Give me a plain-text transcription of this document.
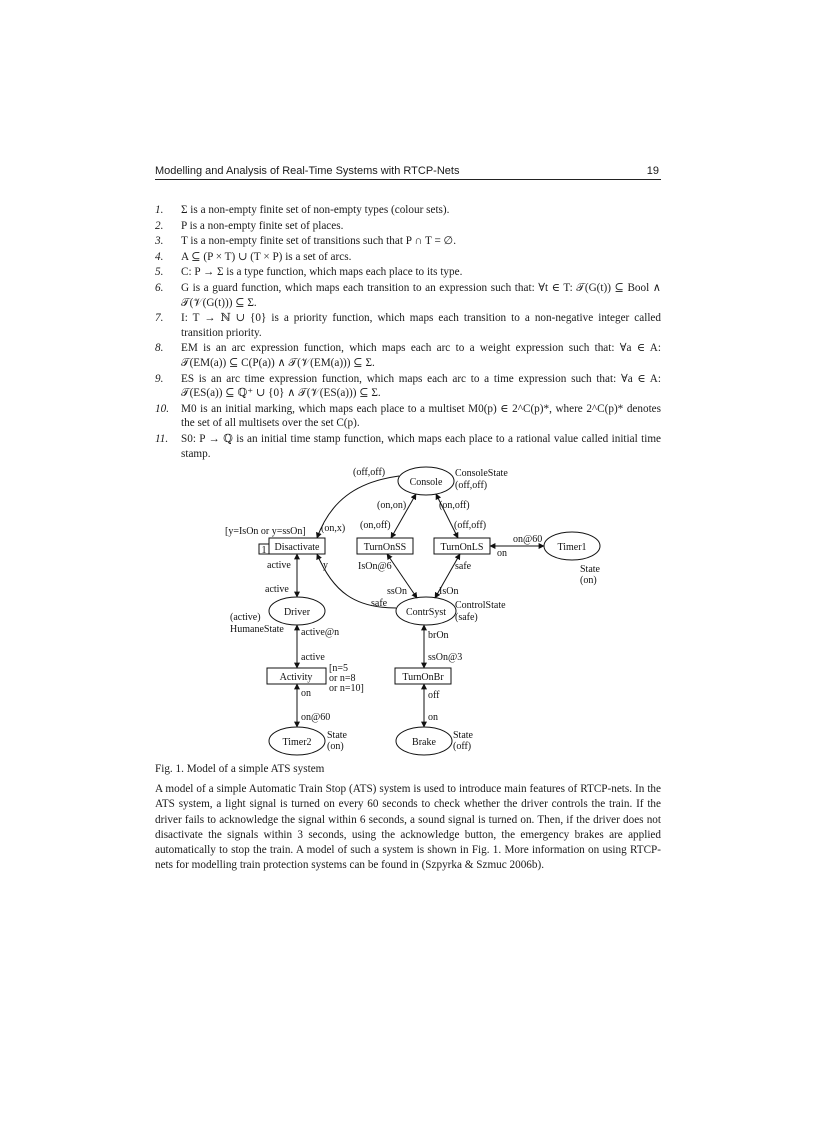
Modelling and Analysis of Real-Time Systems with RTCP-Nets	19
1. Σ is a non-empty finite set of non-empty types (colour sets).
2. P is a non-empty finite set of places.
3. T is a non-empty finite set of transitions such that P ∩ T = ∅.
4. A ⊆ (P × T) ∪ (T × P) is a set of arcs.
5. C: P → Σ is a type function, which maps each place to its type.
6. G is a guard function, which maps each transition to an expression such that: ∀t ∈ T: 𝒯(G(t)) ⊆ Bool ∧ 𝒯(𝒱(G(t))) ⊆ Σ.
7. I: T → ℕ ∪ {0} is a priority function, which maps each transition to a non-negative integer called transition priority.
8. EM is an arc expression function, which maps each arc to a weight expression such that: ∀a ∈ A: 𝒯(EM(a)) ⊆ C(P(a)) ∧ 𝒯(𝒱(EM(a))) ⊆ Σ.
9. ES is an arc time expression function, which maps each arc to a time expression such that: ∀a ∈ A: 𝒯(ES(a)) ⊆ ℚ⁺ ∪ {0} ∧ 𝒯(𝒱(ES(a))) ⊆ Σ.
10. M0 is an initial marking, which maps each place to a multiset M0(p) ∈ 2^C(p)*, where 2^C(p)* denotes the set of all multisets over the set C(p).
11. S0: P → ℚ is an initial time stamp function, which maps each place to a rational value called initial time stamp.
Console
ConsoleState
(off,off)
Timer1
State
(on)
Driver
(active)
HumaneState
ContrSyst
ControlState
(safe)
Timer2
State
(on)	Brake
State
(off)
Disactivate
1
[y=IsOn or y=ssOn]
TurnOnSS	TurnOnLS
Activity
[n=5
or n=8
or n=10]
TurnOnBr
(off,off)
(on,x)
(on,on)
(on,off)
(on,off)
(off,off)
on@60
on
active
active
y	IsOn@6	safe
ssOn	IsOn
safe
active@n
active
on
on@60
brOn
ssOn@3
off
on
Fig. 1. Model of a simple ATS system
A model of a simple Automatic Train Stop (ATS) system is used to introduce main features of RTCP-nets. In the ATS system, a light signal is turned on every 60 seconds to check whether the driver controls the train. If the driver fails to acknowledge the signal within 6 seconds, a sound signal is turned on. Then, if the driver does not disactivate the signals within 3 seconds, using the acknowledge button, the emergency brakes are applied automatically to stop the train. A model of such a system is shown in Fig. 1. More information on using RTCP-nets for modelling train protection systems can be found in (Szpyrka & Szmuc 2006b).
